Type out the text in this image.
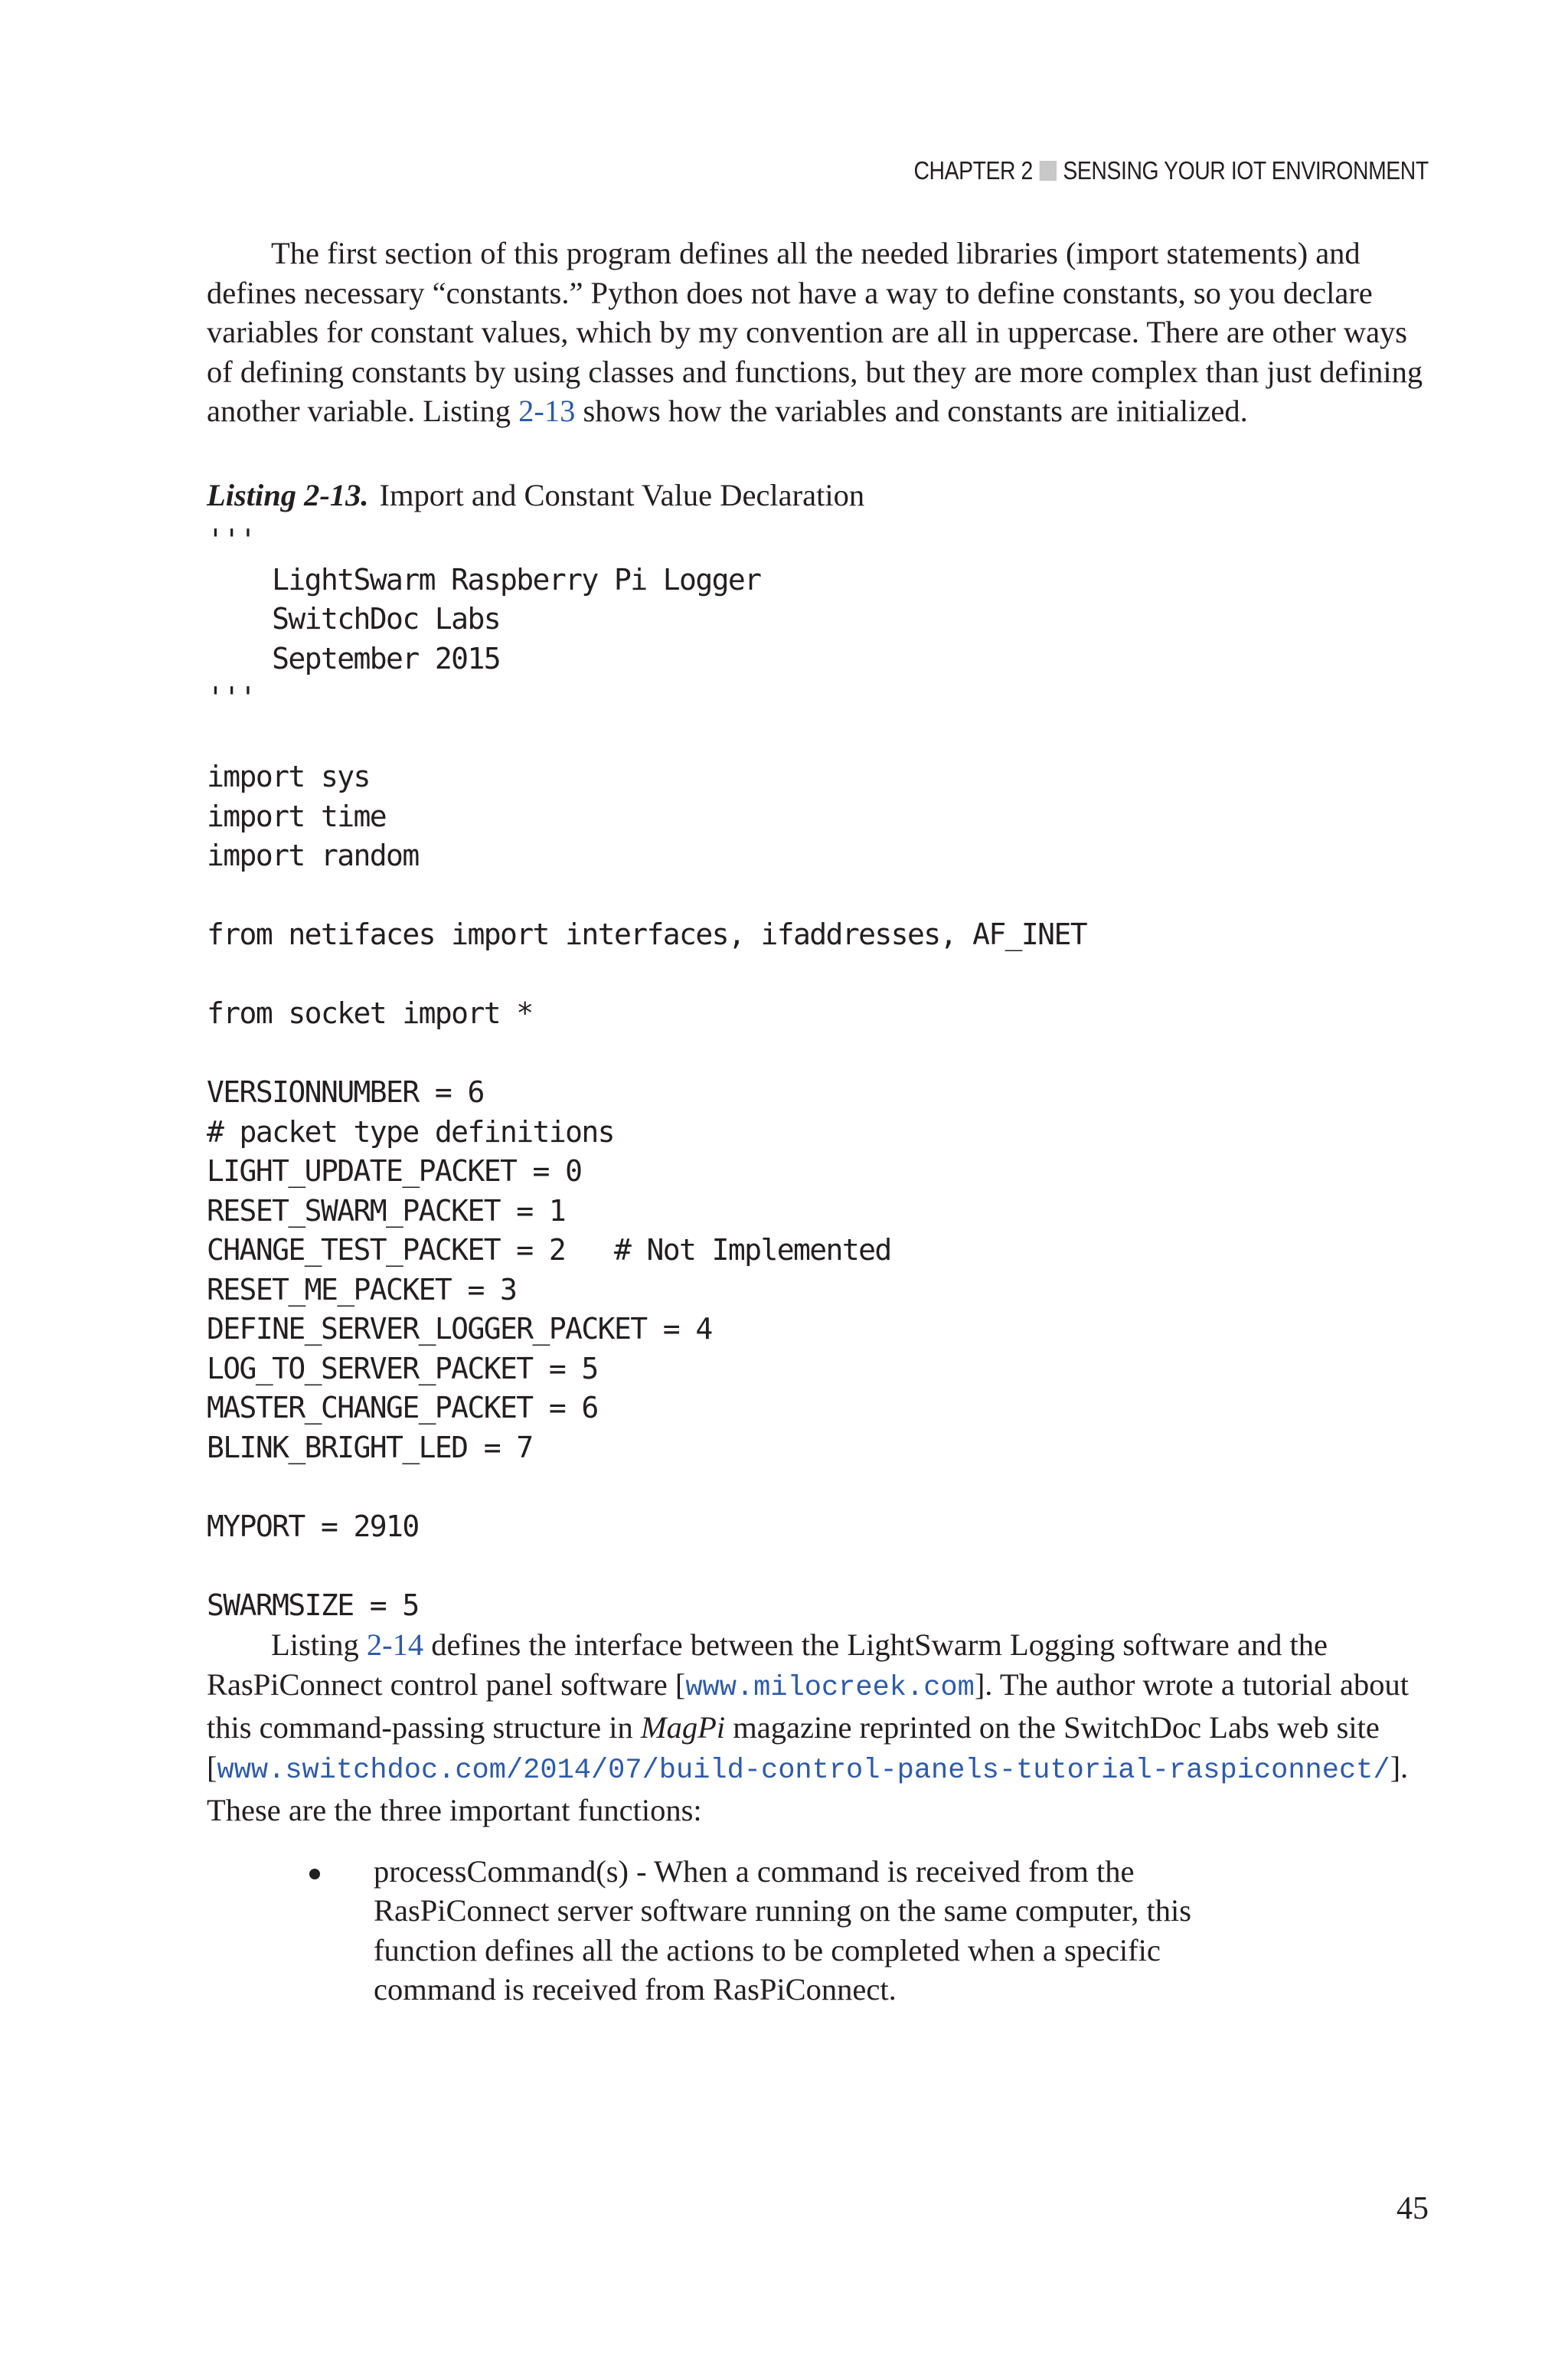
CHAPTER 2 SENSING YOUR IOT ENVIRONMENT

The first section of this program defines all the needed libraries (import statements) and defines necessary “constants.” Python does not have a way to define constants, so you declare variables for constant values, which by my convention are all in uppercase. There are other ways of defining constants by using classes and functions, but they are more complex than just defining another variable. Listing 2-13 shows how the variables and constants are initialized.

Listing 2-13. Import and Constant Value Declaration
'''
LightSwarm Raspberry Pi Logger
SwitchDoc Labs
September 2015
'''

import sys
import time
import random

from netifaces import interfaces, ifaddresses, AF_INET

from socket import *

VERSIONNUMBER = 6
# packet type definitions
LIGHT_UPDATE_PACKET = 0
RESET_SWARM_PACKET = 1
CHANGE_TEST_PACKET = 2   # Not Implemented
RESET_ME_PACKET = 3
DEFINE_SERVER_LOGGER_PACKET = 4
LOG_TO_SERVER_PACKET = 5
MASTER_CHANGE_PACKET = 6
BLINK_BRIGHT_LED = 7

MYPORT = 2910

SWARMSIZE = 5

Listing 2-14 defines the interface between the LightSwarm Logging software and the RasPiConnect control panel software [www.milocreek.com]. The author wrote a tutorial about this command-passing structure in MagPi magazine reprinted on the SwitchDoc Labs web site [www.switchdoc.com/2014/07/build-control-panels-tutorial-raspiconnect/]. These are the three important functions:

processCommand(s) - When a command is received from the RasPiConnect server software running on the same computer, this function defines all the actions to be completed when a specific command is received from RasPiConnect.
45
